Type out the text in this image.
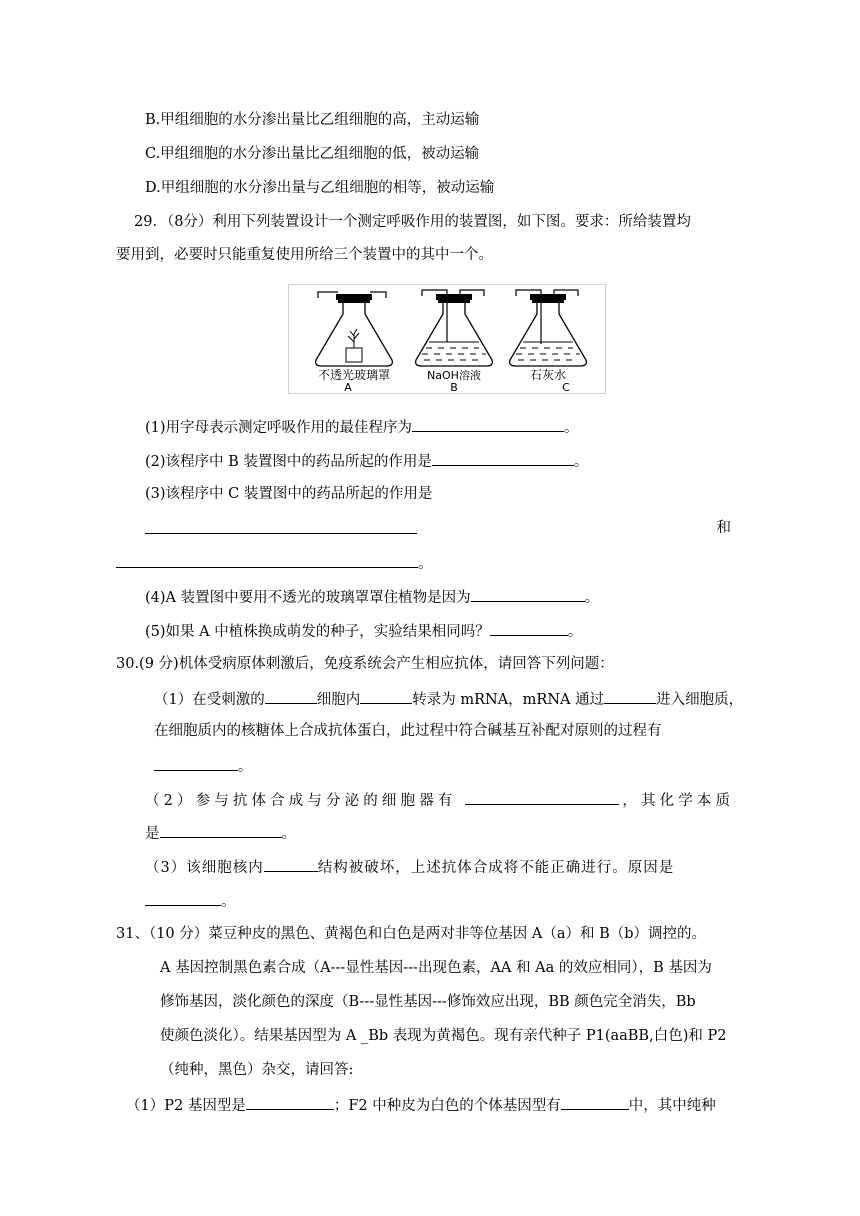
B.甲组细胞的水分渗出量比乙组细胞的高，主动运输
C.甲组细胞的水分渗出量比乙组细胞的低，被动运输
D.甲组细胞的水分渗出量与乙组细胞的相等，被动运输
29．（8分）利用下列装置设计一个测定呼吸作用的装置图，如下图。要求：所给装置均
要用到，必要时只能重复使用所给三个装置中的其中一个。
不透光玻璃罩
A
NaOH溶液
B
石灰水
C
(1)用字母表示测定呼吸作用的最佳程序为	。
(2)该程序中 B 装置图中的药品所起的作用是	。
(3)该程序中 C 装置图中的药品所起的作用是
和
。
(4)A 装置图中要用不透光的玻璃罩罩住植物是因为	。
(5)如果 A 中植株换成萌发的种子，实验结果相同吗？	。
30.(9 分)机体受病原体刺激后，免疫系统会产生相应抗体，请回答下列问题：
（1）在受刺激的	细胞内	转录为 mRNA，mRNA 通过	进入细胞质，
在细胞质内的核糖体上合成抗体蛋白，此过程中符合碱基互补配对原则的过程有
。
（2）参与抗体合成与分泌的细胞器有	，其化学本质
是	。
（3）该细胞核内	结构被破坏，上述抗体合成将不能正确进行。原因是
。
31、（10 分）菜豆种皮的黑色、黄褐色和白色是两对非等位基因 A（a）和 B（b）调控的。
A 基因控制黑色素合成（A---显性基因---出现色素，AA 和 Aa 的效应相同），B 基因为
修饰基因，淡化颜色的深度（B---显性基因---修饰效应出现，BB 颜色完全消失，Bb
使颜色淡化）。结果基因型为 A _Bb 表现为黄褐色。现有亲代种子 P1(aaBB,白色)和 P2
（纯种，黑色）杂交，请回答:
（1）P2 基因型是	；F2 中种皮为白色的个体基因型有	中，其中纯种
